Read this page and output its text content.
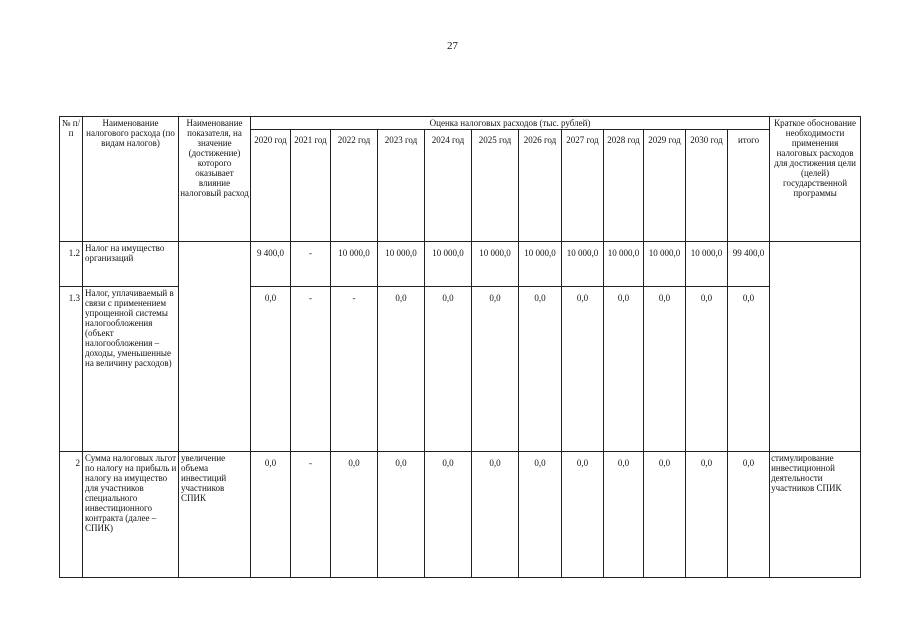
27
№ п/п	Наименование налогового расхода (по видам налогов)	Наименование показателя, на значение (достижение) которого оказывает влияние налоговый расход	Оценка налоговых расходов (тыс. рублей)												Краткое обоснование необходимости применения налоговых расходов для достижения цели (целей) государственной программы
			2020 год	2021 год	2022 год	2023 год	2024 год	2025 год	2026 год	2027 год	2028 год	2029 год	2030 год	итого	
1.2	Налог на имущество организаций		9 400,0	-	10 000,0	10 000,0	10 000,0	10 000,0	10 000,0	10 000,0	10 000,0	10 000,0	10 000,0	99 400,0	
1.3	Налог, уплачиваемый в связи с применением упрощенной системы налогообложения (объект налогообложения – доходы, уменьшенные на величину расходов)		0,0	-	-	0,0	0,0	0,0	0,0	0,0	0,0	0,0	0,0	0,0	
2	Сумма налоговых льгот по налогу на прибыль и налогу на имущество для участников специального инвестиционного контракта (далее – СПИК)	увеличение объема инвестиций участников СПИК	0,0	-	0,0	0,0	0,0	0,0	0,0	0,0	0,0	0,0	0,0	0,0	стимулирование инвестиционной деятельности участников СПИК
